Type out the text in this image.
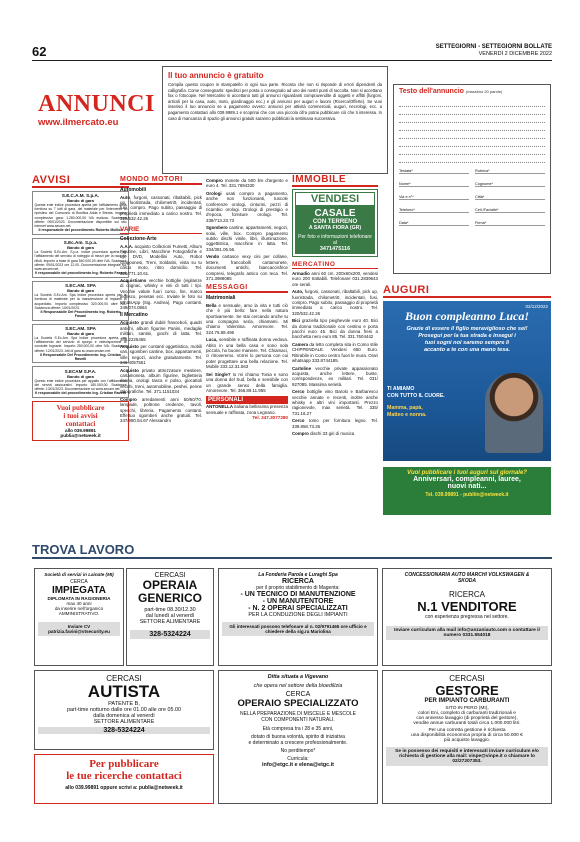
62	SETTEGIORNI - SETTEGIORNI BOLLATE
VENERDÌ 2 DICEMBRE 2022
ANNUNCI
www.ilmercato.eu
Il tuo annuncio è gratuito
Compila questo coupon in stampatello in ogni sua parte. Riconta che non si risponde di errori dipendenti da calligrafia. Come consegnarlo: spedisci per posta o consegnalo ad uno dei nostri punti di raccolta. Non si accettano fax o fotocopie. Nel Mercatino si accettano tutti gli annunci riguardanti compravendite di oggetti e affitti (furgoni, articoli per la casa, auto, moto, giardinaggio ecc.) e gli annunci per auguri e lavoro (Ricerca/Offerte). Se vuoi inserisci il tuo annuncio se a pagamento ovvero: annunci per attività commerciali, auguri, necrologi, ecc. a pagamento contattaci allo 039.9989.1 e scoprirai che con una piccola cifra potrai pubblicare ciò che ti interessa. In caso di mancanza di spazio gli annunci gratuiti saranno pubblicati la settimana successiva.
Testo dell'annuncio (massimo 20 parole)
Testata*	Rubrica*
Nome*	Cognome*
Via e n°*	Città*
Telefono*	Cell./Fax/altri*
Data*	Firma*
AVVISI
S.E.C.A.M. S.p.A.
Bando di gara
Questa ente indice procedura aperta per l'affidamento della fornitura su 7 lotti di gara, del materiale per l'intervento di ripristino del Consorzio di Bonifica Adda e Brenta. Importo complessivo gara: 1.280.000,00 IVA esclusa. Scadenza offerte: 09/01/2023. Documentazione disponibile sul sito internet www.secam.net.
Il responsabile del procedimento Roberto Mollica
S.Ec.Am. S.p.a.
Bando di gara
La Società S.Ec.Am. S.p.a. indice procedura aperta per l'affidamento del servizio di noleggio di mezzi per la raccolta rifiuti. Importo a base di gara 540.000,00 oltre IVA. Scadenza offerte: 09/01/2023 ore 12.00. Documentazione integrale su: www.secam.net.
Il responsabile del procedimento Ing. Roberto Fasani
S.EC.AM. SPA
Bando di gara
La Società S.Ec.Am. Spa indice procedura aperta per la fornitura di materiale per la manutenzione di impianti di acquedotto. Importo complessivo 320.000,00 oltre IVA. Scadenza offerte: 10/01/2023.
Il Responsabile Del Procedimento Ing. Roberto Fasani
S.EC.AM. SPA
Bando di gara
La Società S.Ec.Am. Spa indice procedura aperta, per l'affidamento del servizio di spurgo e videoispezione di condotte fognarie. Importo 250.000,00 oltre IVA. Scadenza offerte: 12/01/2023. Atti di gara su www.secam.net.
Il Responsabile Del Procedimento: Ing. Cristian Ravelli
S.ECAM S.P.A.
Bando di gara
Questo ente indice procedura per appalto con l'affidamento dei servizi assicurativi. Importo 180.000,00. Scadenza offerte: 13/01/2023. Documentazione su www.secam.net.
Il responsabile del procedimento Ing. Cristian Ravelli
Vuoi pubblicare
i tuoi avvisi
contattaci
allo 039.99891
publia@netweek.it
MONDO MOTORI
Automobili
Auto, furgoni, cassonati, ribaltabili, pick up, fuoristrada, chilometri0, incidentati, fusi, compro. Pago subito, passaggio di proprietà immediato a carico nostro. Tel. 320/532.42.26
VARIE
Collezione-Arte
A.A.A. acquisto Collezioni Fumetti, Album Figurine, Libri, Macchine Fotografiche e Lp, DVD, Modellini Auto, Robot Giapponesi, Treni, Soldatini, vista su tu calcio moto, ritiro domicilio. Tel. 328/771.10.61.
Acquistiamo vecchie bottiglie (vigilanze di cognac, whisky e vini di tutti i tipi. Vecchie valute fuori corso, lire, marco tedesco, pesetas ecc. Inviate le foto su WhatsApp (Sig. Andrea). Pago contanti. 349/074.0864
Il Mercatino
Acquisto grandi dubiti franceboli, quadri antichi, album figurine Panini, medaglie militari, santini, giochi di latta. Tel. 348.2225465
Acquisto per contanti oggettistica, mobili vari, sgomberi cantine, box, appartamenti, ville, negozi, anche gratuitamente. Tel. 346.4057561
Acquisto privato attrezzature mestiere, cartamoneta, album figurine, biglietteria donna, orologi tasca e polso, giocattoli vecchi, treni, automobiline, peshei, penne stilografiche. Tel. 371.1151034
Compro arredamenti anni 50/60/70, lampade, poltrone credenze, tavoli, specchi, libreria. Pagamento contanti. Effettuo sgomberi anche gratuiti. Tel. 347/980.54.67 Alessandro
Compro monete da 500 lire d'argento e euro 4. Tel. 331.7694330
Orologi usati compro a pagamento, anche non funzionanti, tuscole conferenze orologi, cinturini, pezzi di ricambio orologi. Orologi di prestigio e d'epoca, forniture orologi. Tel. 339/713.23.73
Sgombero cantine, appartamenti, negozi, solai, ville, box. Compro pagamento subito dischi vinile, libri, illuminazione, oggettistica, macchine in latta. Tel. 334/381.06.56.
Vendo cartasce vexy cini per collane, lettere, francobolli cartamonete, documenti antichi, biancaccisfrice compresi, telegrafo antico con teca. Tel. 371.3988085
MESSAGGI
Matrimoniali
Bella e sensuale, amo la vita e tutti ciò che è più bello: fare nella natura sportivamente. Se stai cercando anche tu una compagna seria, chiamami. Mi chiamo Valentina. Amorevore. Tel. 324.76.88.496
Luca, sensibile e raffinata donna vedova. Abito in una bella casa e sono sola piccola, ho buone maniere. Tel. Chiamaci, ci ritroveremo. Vorrei lo persona con cui poter progettare una bella relazione. Tel. Mobile 333.12.31.563
Sei Single? Io mi chiamo Tonia e sono una donna del Sud, bella e sensibile con un grande senso della famiglia. Amorevore. Tel. 366.89.11.955
PERSONALI
ANTONELLA italiana bellissima presenza sensuale e raffinata, zona Legnano.
Tel. 347.3077280
IMMOBILE
VENDESI
CASALE
CON TERRENO
A SANTA FIORA (GR)
Per foto e informazioni telefonare al
3471475116
MERCATINO
Armadio anni 60 cm. 200x60x200, vendesi euro 200 trattabili. Telefonare 031.2839643 ore serali.
Auto, furgoni, cassonati, ribaltabili, pick up, fuoristrada, chilometri0, incidentati, fusi, compro. Pago subito, passaggio di proprietà immediato a carico nostro. Tel. 320/532.42.26
Bici graziella tipo pieghevole euro 40. Bici da donna tradizionale con cestino e porta pacchi euro 45. Bici da donna freni a bacchetta nero euro 85. Tel. 331.7604442
Camera da letto completa sita in Como stile CHIPPENDALE. Vendesi 650 Euro. Ritirabile in Como centro fuori le mura. Orari whatsapp 333.8744185.
Cartoline vecchie private appassionato acquista, anche lettere, buste, corrispondenze, ex militari. Tel. 031/ 927085. Massima serietà.
Cerco bottiglie vino Barolo e Barbaresco vecchie annate e recenti, inoltre anche whisky e altri vini importanti. Prezzo ragionevole, max serietà. Tel. 335/ 731.16.27
Cerco tomo per fornitura legno. Tel. 339.858.73.26
Compro dischi 33 giri di musica
AUGURI
02/12/2022
Buon compleanno Luca!
Grazie di essere il figlio meraviglioso che sei!
Prosegui per la tua strada e insegui i
tuoi sogni noi saremo sempre lì
accanto a te con una mano tesa.
TI AMIAMO
CON TUTTO IL CUORE.
Mamma, papà,
Matteo e nonna.
Vuoi pubblicare i tuoi auguri sul giornale?
Anniversari, compleanni, lauree,
nuovi nati...
Tel. 039.99891 - publiin@netweek.it
TROVA LAVORO
Società di servizi in Lainate (MI)
CERCA
IMPIEGATA
DIPLOMATA IN RAGIONERIA
max 40 anni
da inserire nell'organico
AMMINISTRATIVO.
Inviare CV
patrizia.favini@vtsecurity.eu
CERCASI
OPERAIA GENERICO
part-time 08.30/12.30
dal lunedì al venerdì
SETTORE ALIMENTARE
328-5324224
La Fonderia Parola e Luraghi Spa
RICERCA
per il proprio stabilimento di Magenta:
- UN TECNICO DI MANUTENZIONE
- UN MANUTENTORE
- N. 2 OPERAI SPECIALIZZATI
PER LA CONDUZIONE DEGLI IMPIANTI
Gli interessati possono telefonare al n. 02/9791465 ore ufficio e chiedere della sig.ra Mariolina
CONCESSIONARIA AUTO MARCHI VOLKSWAGEN & SKODA
RICERCA
N.1 VENDITORE
con esperienza pregressa nel settore.
Inviare curriculum alla mail info@anzaniauto.com o contattare il numero 0331.554018
CERCASI
AUTISTA
PATENTE B,
part-time notturno dalle ore 01.00 alle ore 05.00
dalla domenica al venerdì
SETTORE ALIMENTARE
328-5324224
Per pubblicare
le tue ricerche contattaci
allo 039.99891 oppure scrivi a: publia@netweek.it
Ditta situata a Vigevano
che opera nel settore della bioedilizia
CERCA
OPERAIO SPECIALIZZATO
NELLA PREPARAZIONE DI MISCELE E MESCOLE
CON COMPONENTI NATURALI.
Età compresa tra i 28 e 35 anni,
dotato di buona volontà, spirito di iniziativa
e determinato a crescere professionalmente.
No perditempo*
Curricula:
info@etgc.it e elena@etgc.it
CERCASI
GESTORE
PER IMPIANTO CARBURANTI
SITO IN PERO (MI),
colori Eni, completo di carburanti tradizionali e
con annesso lavaggio (di proprietà del gestore),
vendite annue carburanti totali circa 1.000.000 litri.
Per una corretta gestione è richiesta
una disponibilità economica propria di circa 50.000 €
più acquisto lavaggio.
Se in possesso dei requisiti e interessati inviare curriculum e/o richiesta di gestione alla mail: vinpe@vinpe.it o chiamare lo 02/27207353.
